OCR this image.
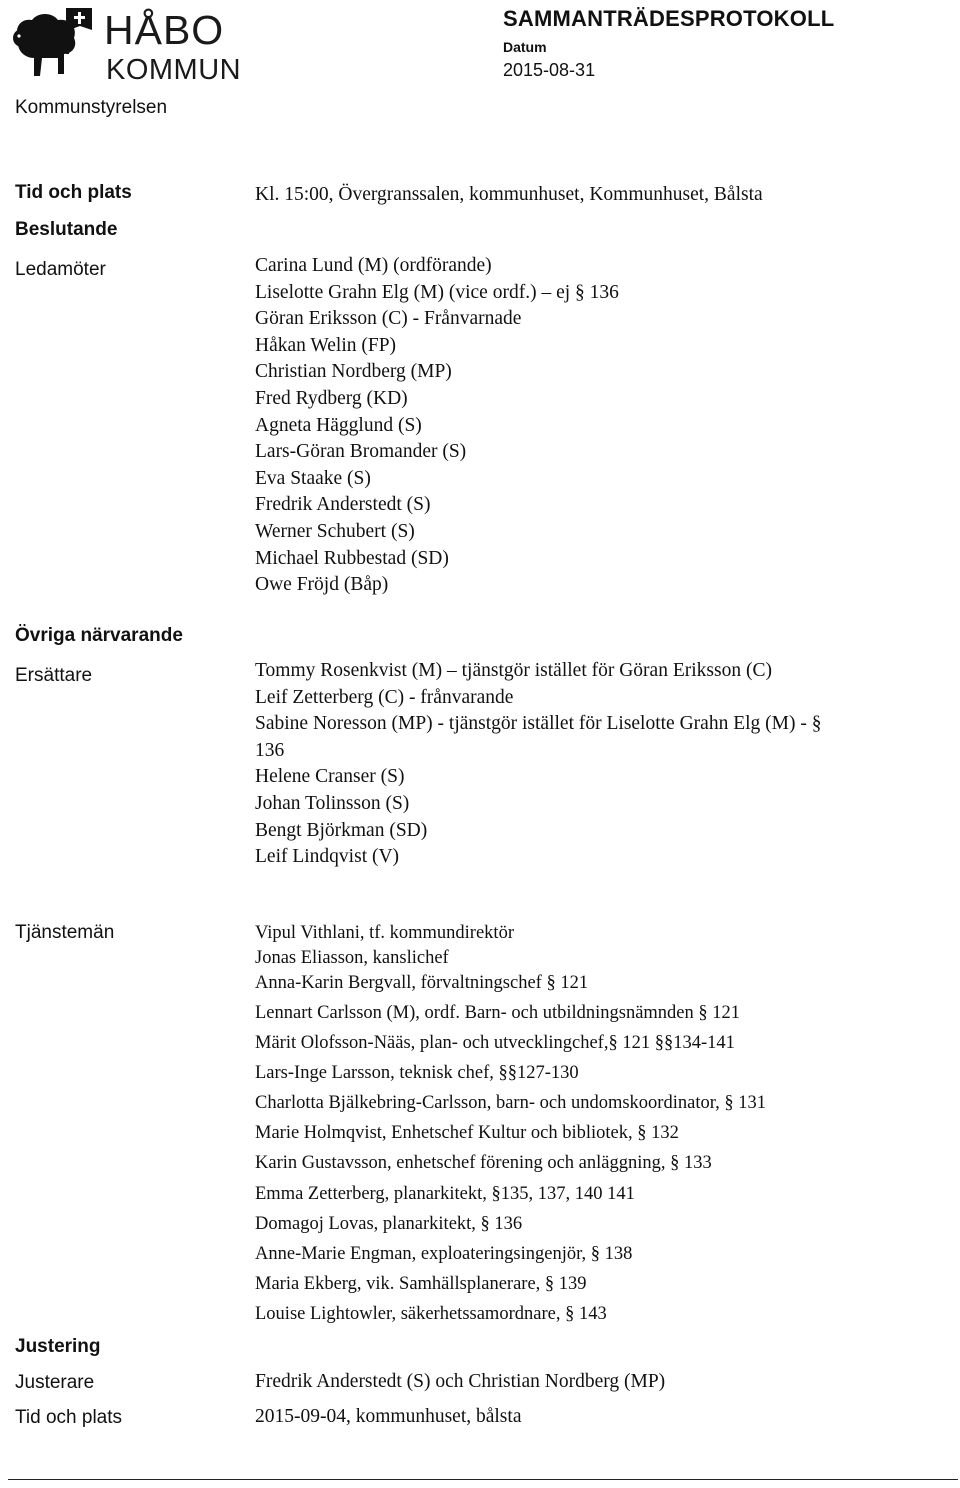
HÅBO
KOMMUN
Kommunstyrelsen
SAMMANTRÄDESPROTOKOLL
Datum
2015-08-31
Tid och plats	Kl. 15:00, Övergranssalen, kommunhuset, Kommunhuset, Bålsta
Beslutande
Ledamöter	Carina Lund (M) (ordförande)
Liselotte Grahn Elg (M) (vice ordf.) – ej § 136
Göran Eriksson (C) - Frånvarnade
Håkan Welin (FP)
Christian Nordberg (MP)
Fred Rydberg (KD)
Agneta Hägglund (S)
Lars-Göran Bromander (S)
Eva Staake (S)
Fredrik Anderstedt (S)
Werner Schubert (S)
Michael Rubbestad (SD)
Owe Fröjd (Båp)
Övriga närvarande
Ersättare	Tommy Rosenkvist (M) – tjänstgör istället för Göran Eriksson (C)
Leif Zetterberg (C) - frånvarande
Sabine Noresson (MP) - tjänstgör istället för Liselotte Grahn Elg (M) - §
136
Helene Cranser (S)
Johan Tolinsson (S)
Bengt Björkman (SD)
Leif Lindqvist (V)
Tjänstemän	Vipul Vithlani, tf. kommundirektör
Jonas Eliasson, kanslichef
Anna-Karin Bergvall, förvaltningschef § 121
Lennart Carlsson (M), ordf. Barn- och utbildningsnämnden § 121
Märit Olofsson-Nääs, plan- och utvecklingchef,§ 121 §§134-141
Lars-Inge Larsson, teknisk chef, §§127-130
Charlotta Bjälkebring-Carlsson, barn- och undomskoordinator, § 131
Marie Holmqvist, Enhetschef Kultur och bibliotek, § 132
Karin Gustavsson, enhetschef förening och anläggning, § 133
Emma Zetterberg, planarkitekt, §135, 137, 140 141
Domagoj Lovas, planarkitekt, § 136
Anne-Marie Engman, exploateringsingenjör, § 138
Maria Ekberg, vik. Samhällsplanerare, § 139
Louise Lightowler, säkerhetssamordnare, § 143
Justering
Justerare	Fredrik Anderstedt (S) och Christian Nordberg (MP)
Tid och plats	2015-09-04, kommunhuset, bålsta
